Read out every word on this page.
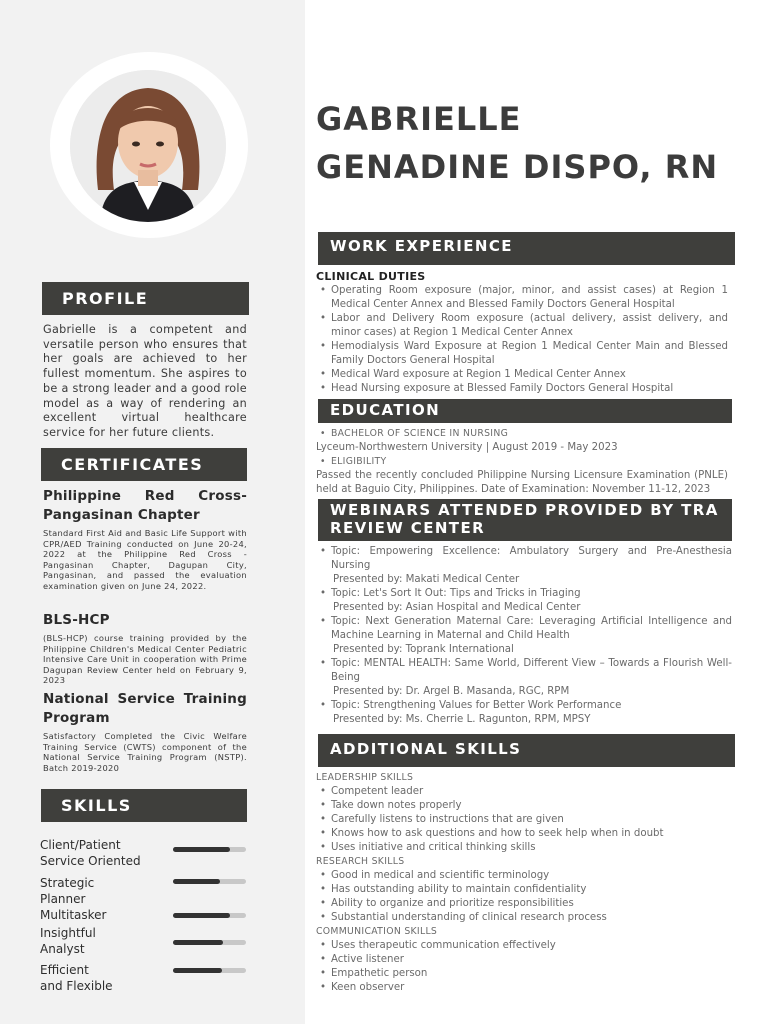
PROFILE
Gabrielle is a competent and versatile person who ensures that her goals are achieved to her fullest momentum. She aspires to be a strong leader and a good role model as a way of rendering an excellent virtual healthcare service for her future clients.
CERTIFICATES
Philippine Red Cross-Pangasinan Chapter
Standard First Aid and Basic Life Support with CPR/AED Training conducted on June 20-24, 2022 at the Philippine Red Cross - Pangasinan Chapter, Dagupan City, Pangasinan, and passed the evaluation examination given on June 24, 2022.
BLS-HCP
(BLS-HCP) course training provided by the Philippine Children's Medical Center Pediatric Intensive Care Unit in cooperation with Prime Dagupan Review Center held on February 9, 2023
National Service Training Program
Satisfactory Completed the Civic Welfare Training Service (CWTS) component of the National Service Training Program (NSTP). Batch 2019-2020
SKILLS
Client/Patient
Service Oriented
Strategic
Planner
Multitasker
Insightful
Analyst
Efficient
and Flexible
GABRIELLE
GENADINE DISPO, RN
WORK EXPERIENCE
CLINICAL DUTIES
• Operating Room exposure (major, minor, and assist cases) at Region 1 Medical Center Annex and Blessed Family Doctors General Hospital
• Labor and Delivery Room exposure (actual delivery, assist delivery, and minor cases) at Region 1 Medical Center Annex
• Hemodialysis Ward Exposure at Region 1 Medical Center Main and Blessed Family Doctors General Hospital
• Medical Ward exposure at Region 1 Medical Center Annex
• Head Nursing exposure at Blessed Family Doctors General Hospital
EDUCATION
• BACHELOR OF SCIENCE IN NURSING
Lyceum-Northwestern University | August 2019 - May 2023
• ELIGIBILITY
Passed the recently concluded Philippine Nursing Licensure Examination (PNLE) held at Baguio City, Philippines. Date of Examination: November 11-12, 2023
WEBINARS ATTENDED PROVIDED BY TRA
REVIEW CENTER
• Topic: Empowering Excellence: Ambulatory Surgery and Pre-Anesthesia Nursing
Presented by: Makati Medical Center
• Topic: Let's Sort It Out: Tips and Tricks in Triaging
Presented by: Asian Hospital and Medical Center
• Topic: Next Generation Maternal Care: Leveraging Artificial Intelligence and Machine Learning in Maternal and Child Health
Presented by: Toprank International
• Topic: MENTAL HEALTH: Same World, Different View – Towards a Flourish Well-Being
Presented by: Dr. Argel B. Masanda, RGC, RPM
• Topic: Strengthening Values for Better Work Performance
Presented by: Ms. Cherrie L. Ragunton, RPM, MPSY
ADDITIONAL SKILLS
LEADERSHIP SKILLS
• Competent leader
• Take down notes properly
• Carefully listens to instructions that are given
• Knows how to ask questions and how to seek help when in doubt
• Uses initiative and critical thinking skills
RESEARCH SKILLS
• Good in medical and scientific terminology
• Has outstanding ability to maintain confidentiality
• Ability to organize and prioritize responsibilities
• Substantial understanding of clinical research process
COMMUNICATION SKILLS
• Uses therapeutic communication effectively
• Active listener
• Empathetic person
• Keen observer
